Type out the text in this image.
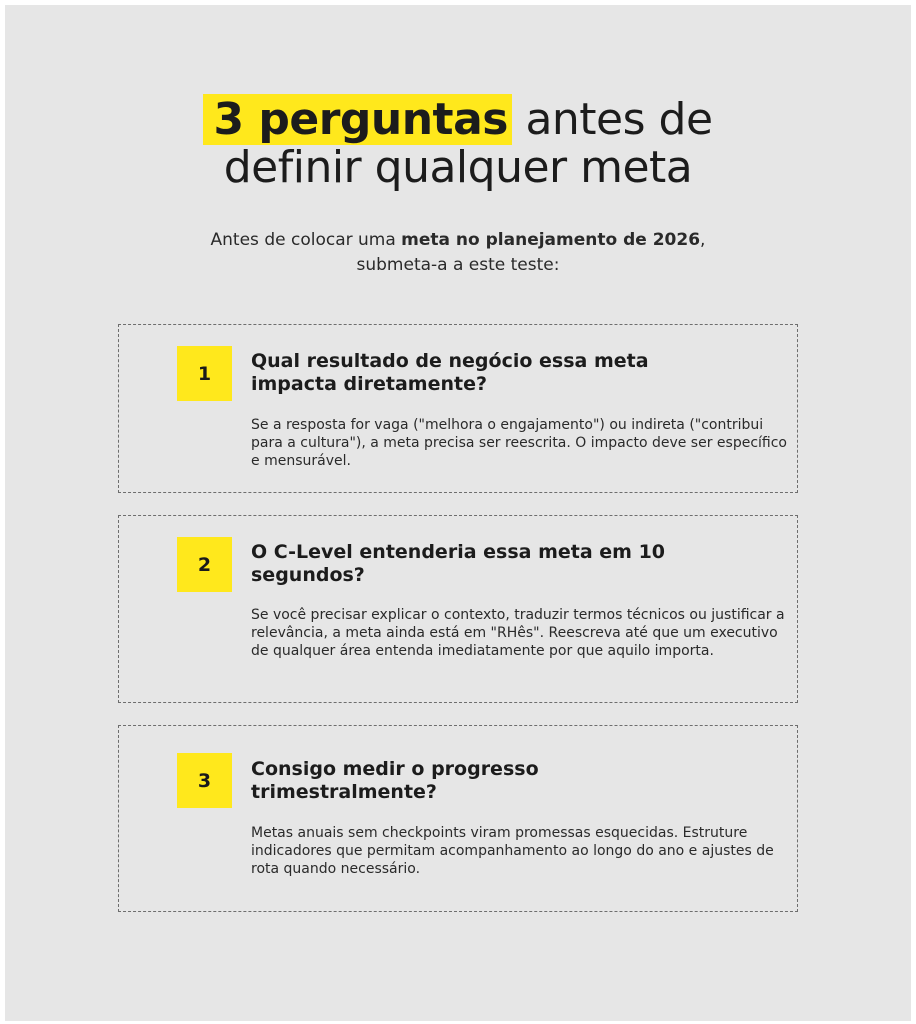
3 perguntas antes de
definir qualquer meta
Antes de colocar uma meta no planejamento de 2026,
submeta-a a este teste:
1
Qual resultado de negócio essa meta impacta diretamente?
Se a resposta for vaga ("melhora o engajamento") ou indireta ("contribui para a cultura"), a meta precisa ser reescrita. O impacto deve ser específico e mensurável.
2
O C-Level entenderia essa meta em 10 segundos?
Se você precisar explicar o contexto, traduzir termos técnicos ou justificar a relevância, a meta ainda está em "RHês". Reescreva até que um executivo de qualquer área entenda imediatamente por que aquilo importa.
3
Consigo medir o progresso trimestralmente?
Metas anuais sem checkpoints viram promessas esquecidas. Estruture indicadores que permitam acompanhamento ao longo do ano e ajustes de rota quando necessário.
